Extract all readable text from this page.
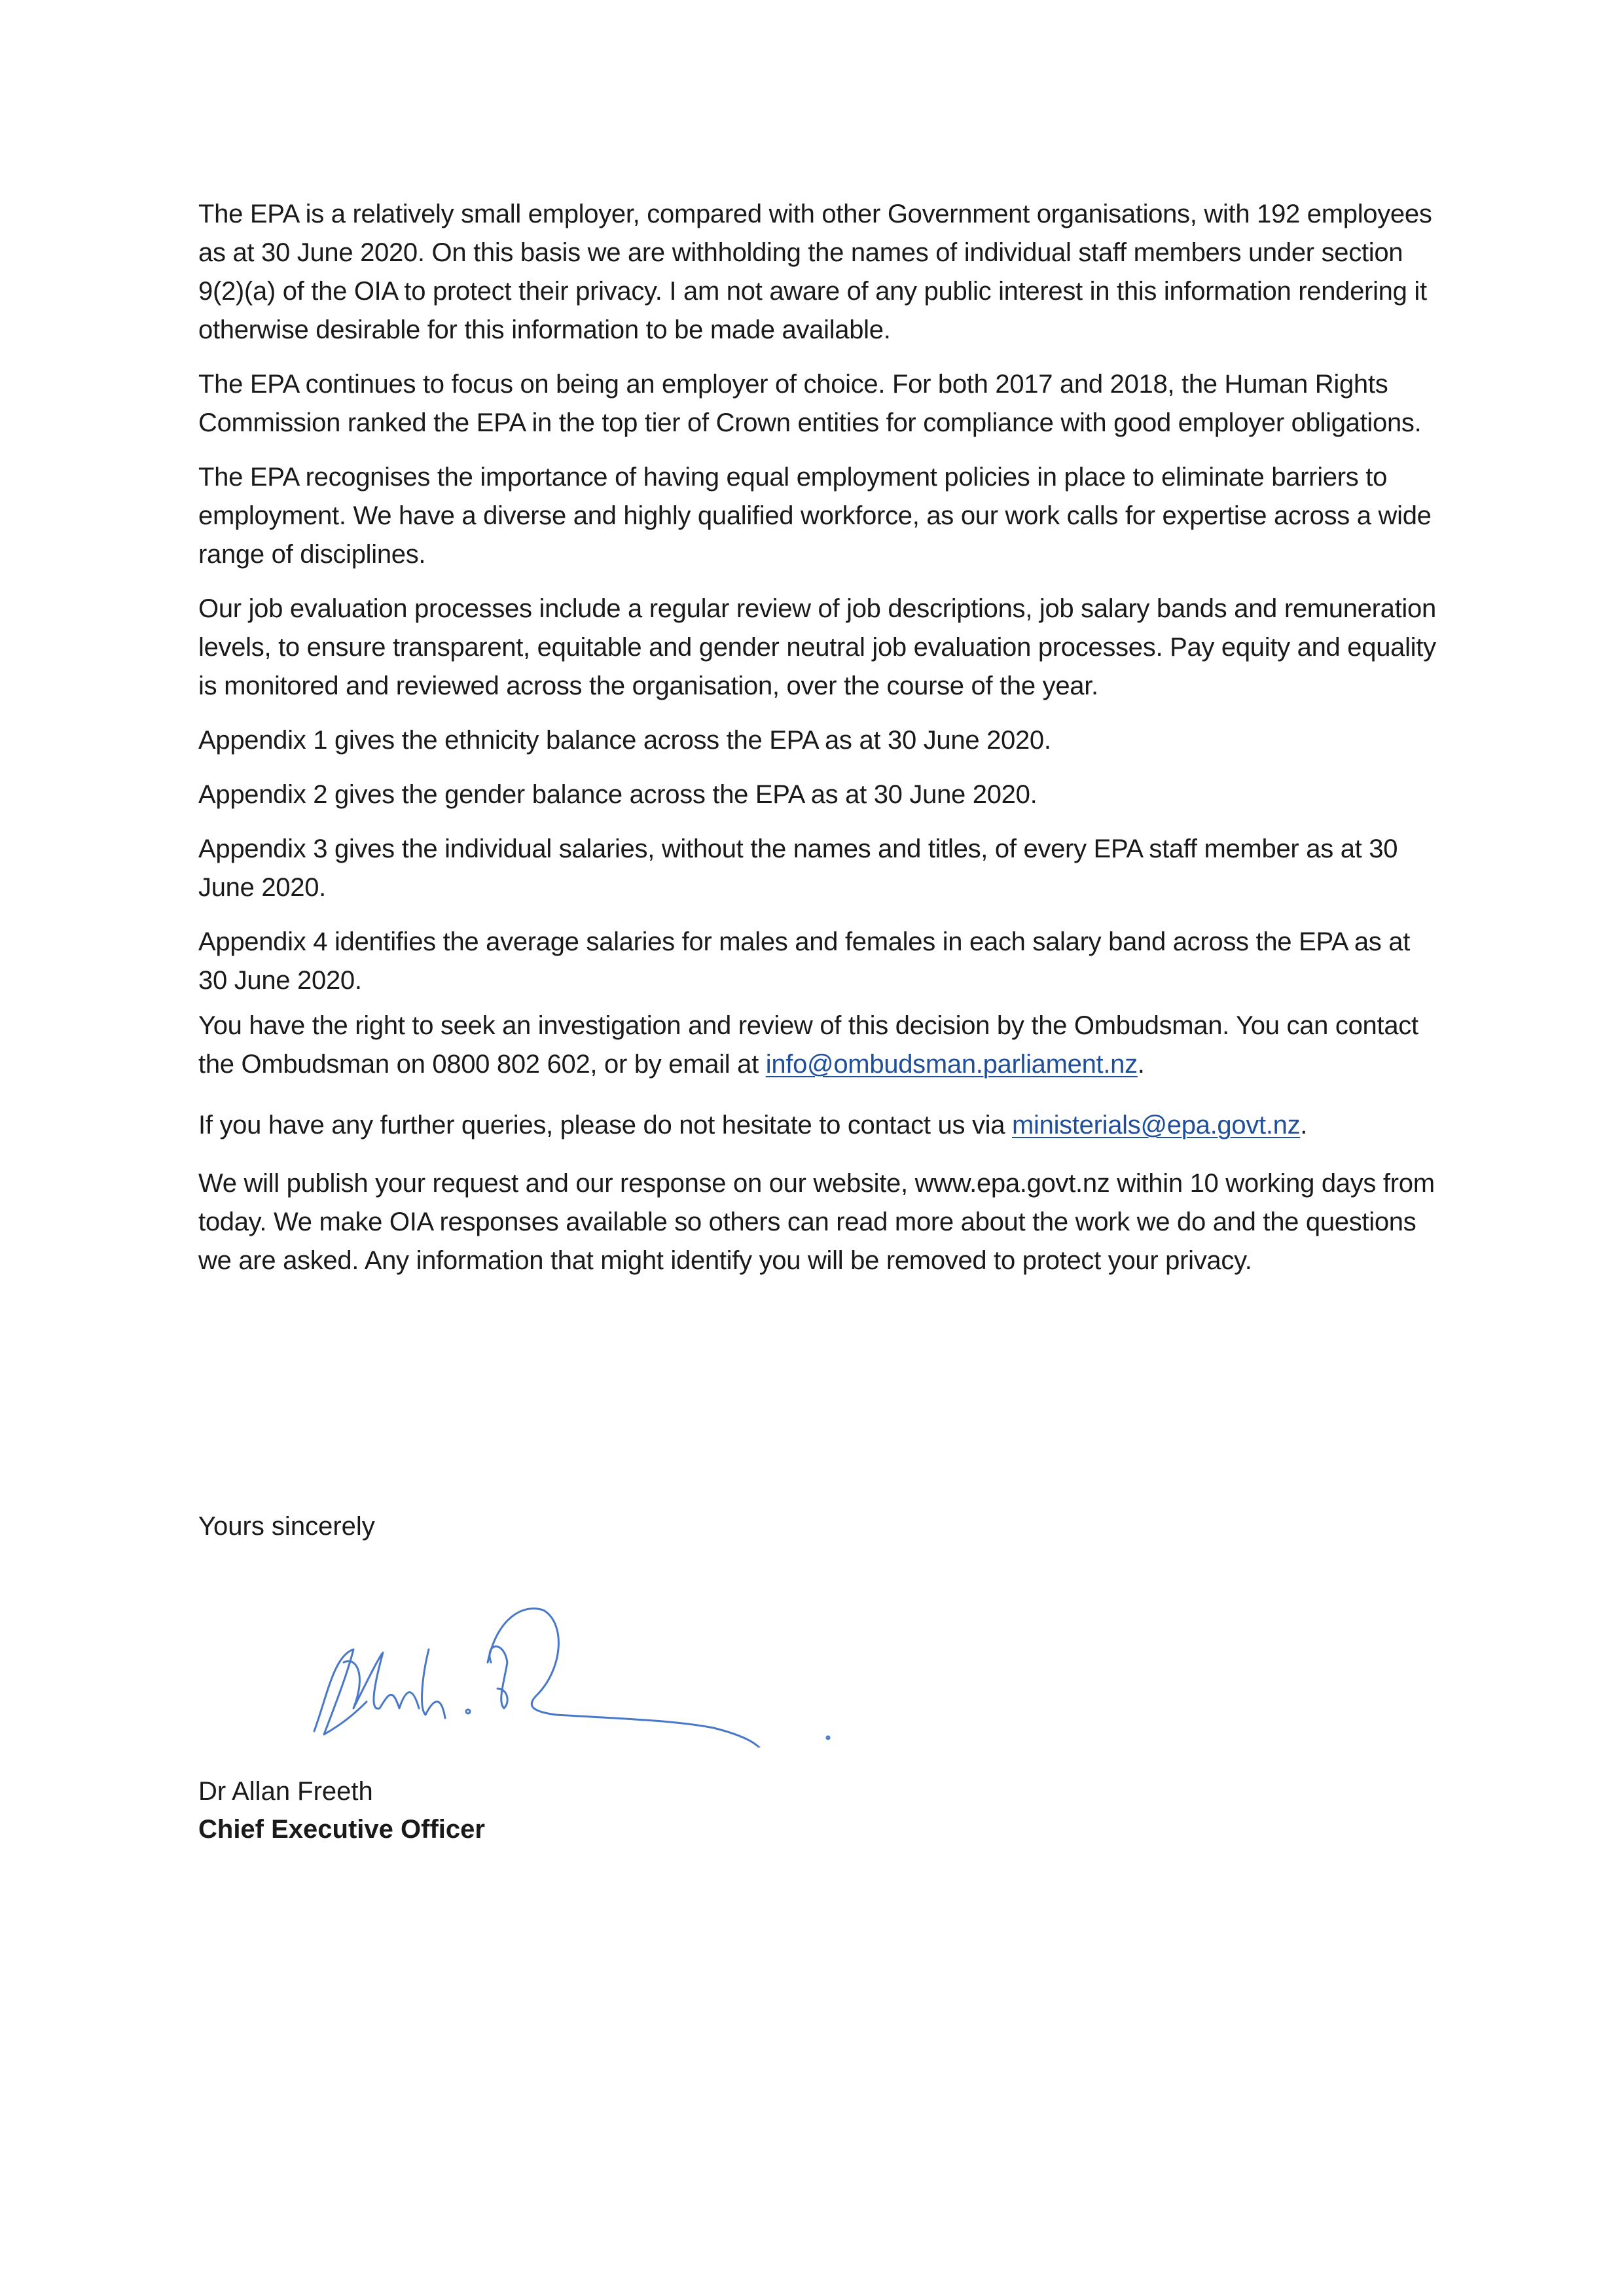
The EPA is a relatively small employer, compared with other Government organisations, with 192 employees as at 30 June 2020. On this basis we are withholding the names of individual staff members under section 9(2)(a) of the OIA to protect their privacy. I am not aware of any public interest in this information rendering it otherwise desirable for this information to be made available.

The EPA continues to focus on being an employer of choice. For both 2017 and 2018, the Human Rights Commission ranked the EPA in the top tier of Crown entities for compliance with good employer obligations.

The EPA recognises the importance of having equal employment policies in place to eliminate barriers to employment. We have a diverse and highly qualified workforce, as our work calls for expertise across a wide range of disciplines.

Our job evaluation processes include a regular review of job descriptions, job salary bands and remuneration levels, to ensure transparent, equitable and gender neutral job evaluation processes. Pay equity and equality is monitored and reviewed across the organisation, over the course of the year.

Appendix 1 gives the ethnicity balance across the EPA as at 30 June 2020.

Appendix 2 gives the gender balance across the EPA as at 30 June 2020.

Appendix 3 gives the individual salaries, without the names and titles, of every EPA staff member as at 30 June 2020.

Appendix 4 identifies the average salaries for males and females in each salary band across the EPA as at 30 June 2020.

You have the right to seek an investigation and review of this decision by the Ombudsman. You can contact the Ombudsman on 0800 802 602, or by email at info@ombudsman.parliament.nz.

If you have any further queries, please do not hesitate to contact us via ministerials@epa.govt.nz.

We will publish your request and our response on our website, www.epa.govt.nz within 10 working days from today. We make OIA responses available so others can read more about the work we do and the questions we are asked. Any information that might identify you will be removed to protect your privacy.

Yours sincerely
Dr Allan Freeth
Chief Executive Officer
